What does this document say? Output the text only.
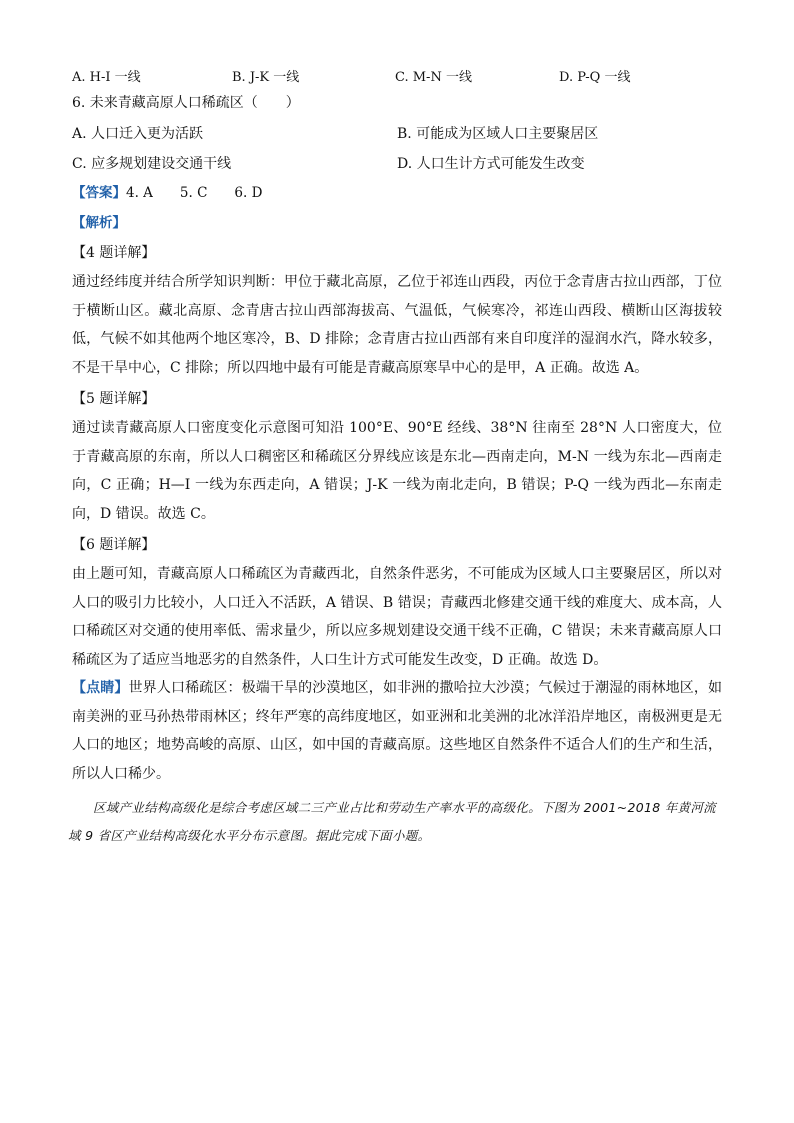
A. H-I 一线	B. J-K 一线	C. M-N 一线	D. P-Q 一线
6. 未来青藏高原人口稀疏区（　　）
A. 人口迁入更为活跃	B. 可能成为区域人口主要聚居区
C. 应多规划建设交通干线	D. 人口生计方式可能发生改变
【答案】4. A　　5. C　　6. D
【解析】
【4 题详解】

通过经纬度并结合所学知识判断：甲位于藏北高原，乙位于祁连山西段，丙位于念青唐古拉山西部，丁位于横断山区。藏北高原、念青唐古拉山西部海拔高、气温低，气候寒冷，祁连山西段、横断山区海拔较低，气候不如其他两个地区寒冷，B、D 排除；念青唐古拉山西部有来自印度洋的湿润水汽，降水较多，不是干旱中心，C 排除；所以四地中最有可能是青藏高原寒旱中心的是甲，A 正确。故选 A。

【5 题详解】

通过读青藏高原人口密度变化示意图可知沿 100°E、90°E 经线、38°N 往南至 28°N 人口密度大，位于青藏高原的东南，所以人口稠密区和稀疏区分界线应该是东北—西南走向，M-N 一线为东北—西南走向，C 正确；H—I 一线为东西走向，A 错误；J-K 一线为南北走向，B 错误；P-Q 一线为西北—东南走向，D 错误。故选 C。

【6 题详解】

由上题可知，青藏高原人口稀疏区为青藏西北，自然条件恶劣，不可能成为区域人口主要聚居区，所以对人口的吸引力比较小，人口迁入不活跃，A 错误、B 错误；青藏西北修建交通干线的难度大、成本高，人口稀疏区对交通的使用率低、需求量少，所以应多规划建设交通干线不正确，C 错误；未来青藏高原人口稀疏区为了适应当地恶劣的自然条件，人口生计方式可能发生改变，D 正确。故选 D。

【点睛】世界人口稀疏区：极端干旱的沙漠地区，如非洲的撒哈拉大沙漠；气候过于潮湿的雨林地区，如南美洲的亚马孙热带雨林区；终年严寒的高纬度地区，如亚洲和北美洲的北冰洋沿岸地区，南极洲更是无人口的地区；地势高峻的高原、山区，如中国的青藏高原。这些地区自然条件不适合人们的生产和生活，所以人口稀少。

区域产业结构高级化是综合考虑区域二三产业占比和劳动生产率水平的高级化。下图为 2001~2018 年黄河流域 9 省区产业结构高级化水平分布示意图。据此完成下面小题。
